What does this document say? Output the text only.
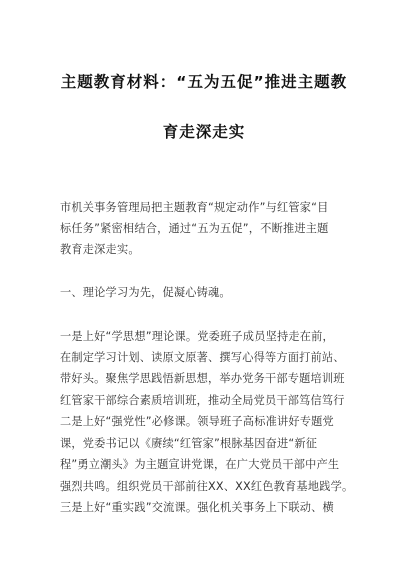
主题教育材料：“五为五促”推进主题教
育走深走实
市机关事务管理局把主题教育“规定动作”与红管家“目
标任务”紧密相结合，通过“五为五促”，不断推进主题
教育走深走实。
一、理论学习为先，促凝心铸魂。
一是上好“学思想”理论课。党委班子成员坚持走在前，
在制定学习计划、读原文原著、撰写心得等方面打前站、
带好头。聚焦学思践悟新思想，举办党务干部专题培训班
红管家干部综合素质培训班，推动全局党员干部笃信笃行
二是上好“强党性”必修课。领导班子高标准讲好专题党
课，党委书记以《赓续“红管家”根脉基因奋进“新征
程”勇立潮头》为主题宣讲党课，在广大党员干部中产生
强烈共鸣。组织党员干部前往XX、XX红色教育基地践学。
三是上好“重实践”交流课。强化机关事务上下联动、横
